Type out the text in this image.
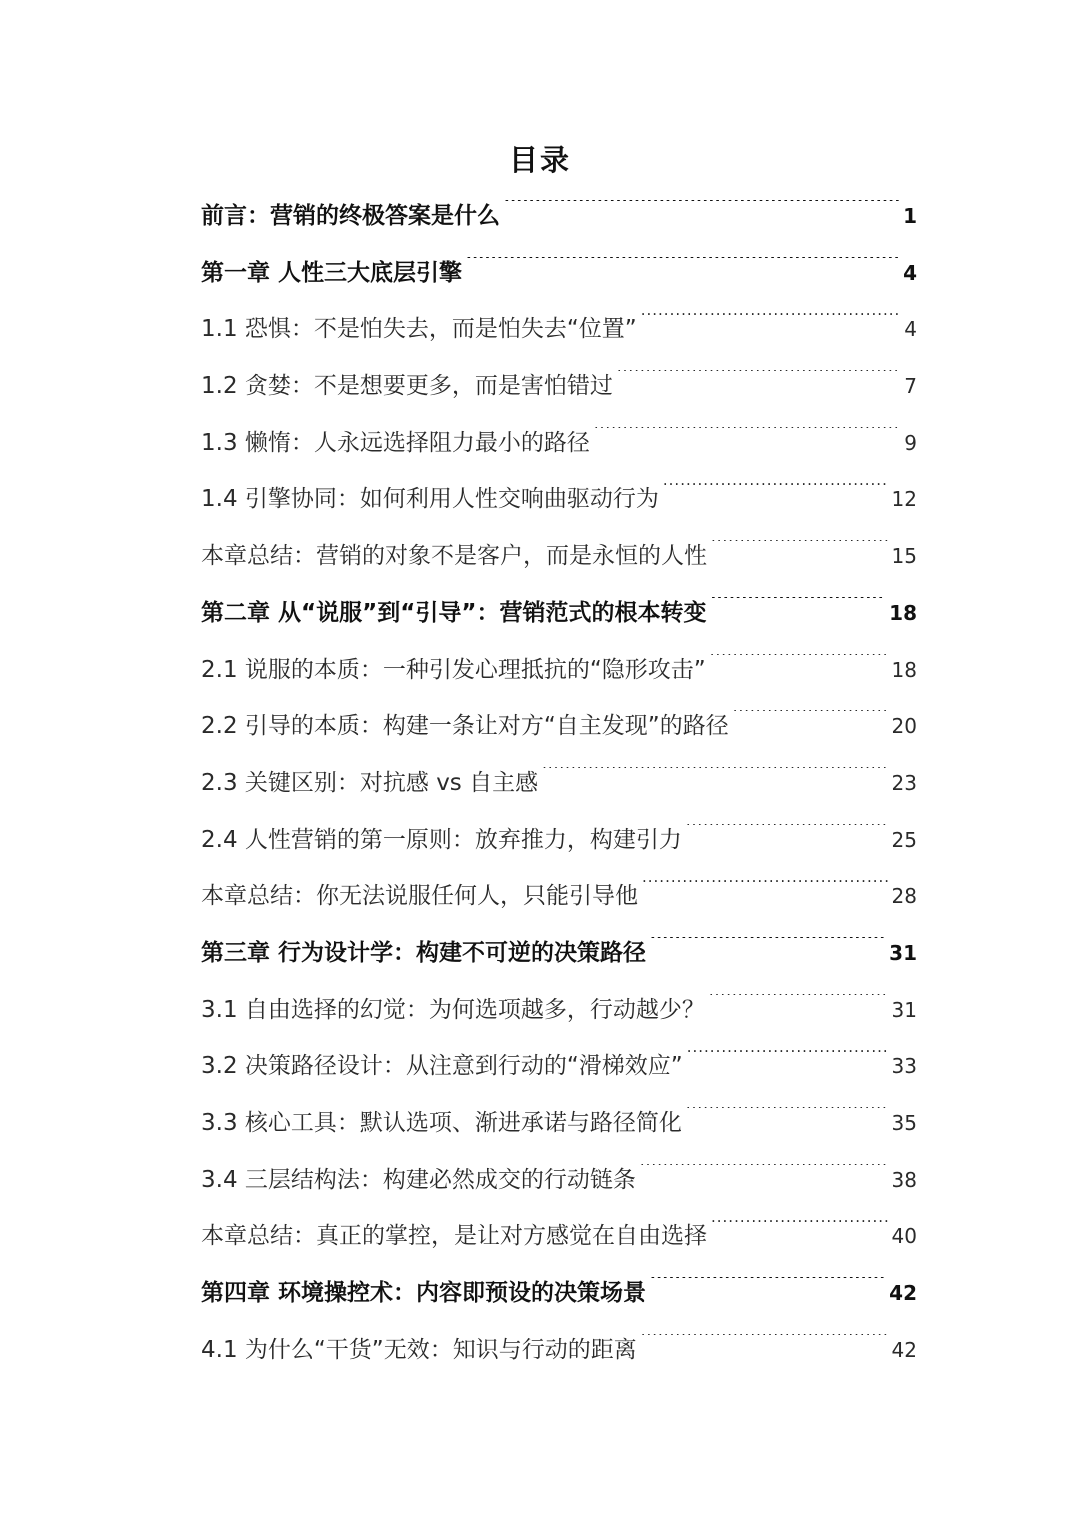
目录
前言：营销的终极答案是什么 .....	1
第一章 人性三大底层引擎 .....	4
1.1 恐惧：不是怕失去，而是怕失去“位置” .....	4
1.2 贪婪：不是想要更多，而是害怕错过 .....	7
1.3 懒惰：人永远选择阻力最小的路径 .....	9
1.4 引擎协同：如何利用人性交响曲驱动行为 .....	12
本章总结：营销的对象不是客户，而是永恒的人性 .....	15
第二章 从“说服”到“引导”：营销范式的根本转变 .....	18
2.1 说服的本质：一种引发心理抵抗的“隐形攻击” .....	18
2.2 引导的本质：构建一条让对方“自主发现”的路径 .....	20
2.3 关键区别：对抗感 vs 自主感 .....	23
2.4 人性营销的第一原则：放弃推力，构建引力 .....	25
本章总结：你无法说服任何人，只能引导他 .....	28
第三章 行为设计学：构建不可逆的决策路径 .....	31
3.1 自由选择的幻觉：为何选项越多，行动越少？ .....	31
3.2 决策路径设计：从注意到行动的“滑梯效应” .....	33
3.3 核心工具：默认选项、渐进承诺与路径简化 .....	35
3.4 三层结构法：构建必然成交的行动链条 .....	38
本章总结：真正的掌控，是让对方感觉在自由选择 .....	40
第四章 环境操控术：内容即预设的决策场景 .....	42
4.1 为什么“干货”无效：知识与行动的距离 .....	42
